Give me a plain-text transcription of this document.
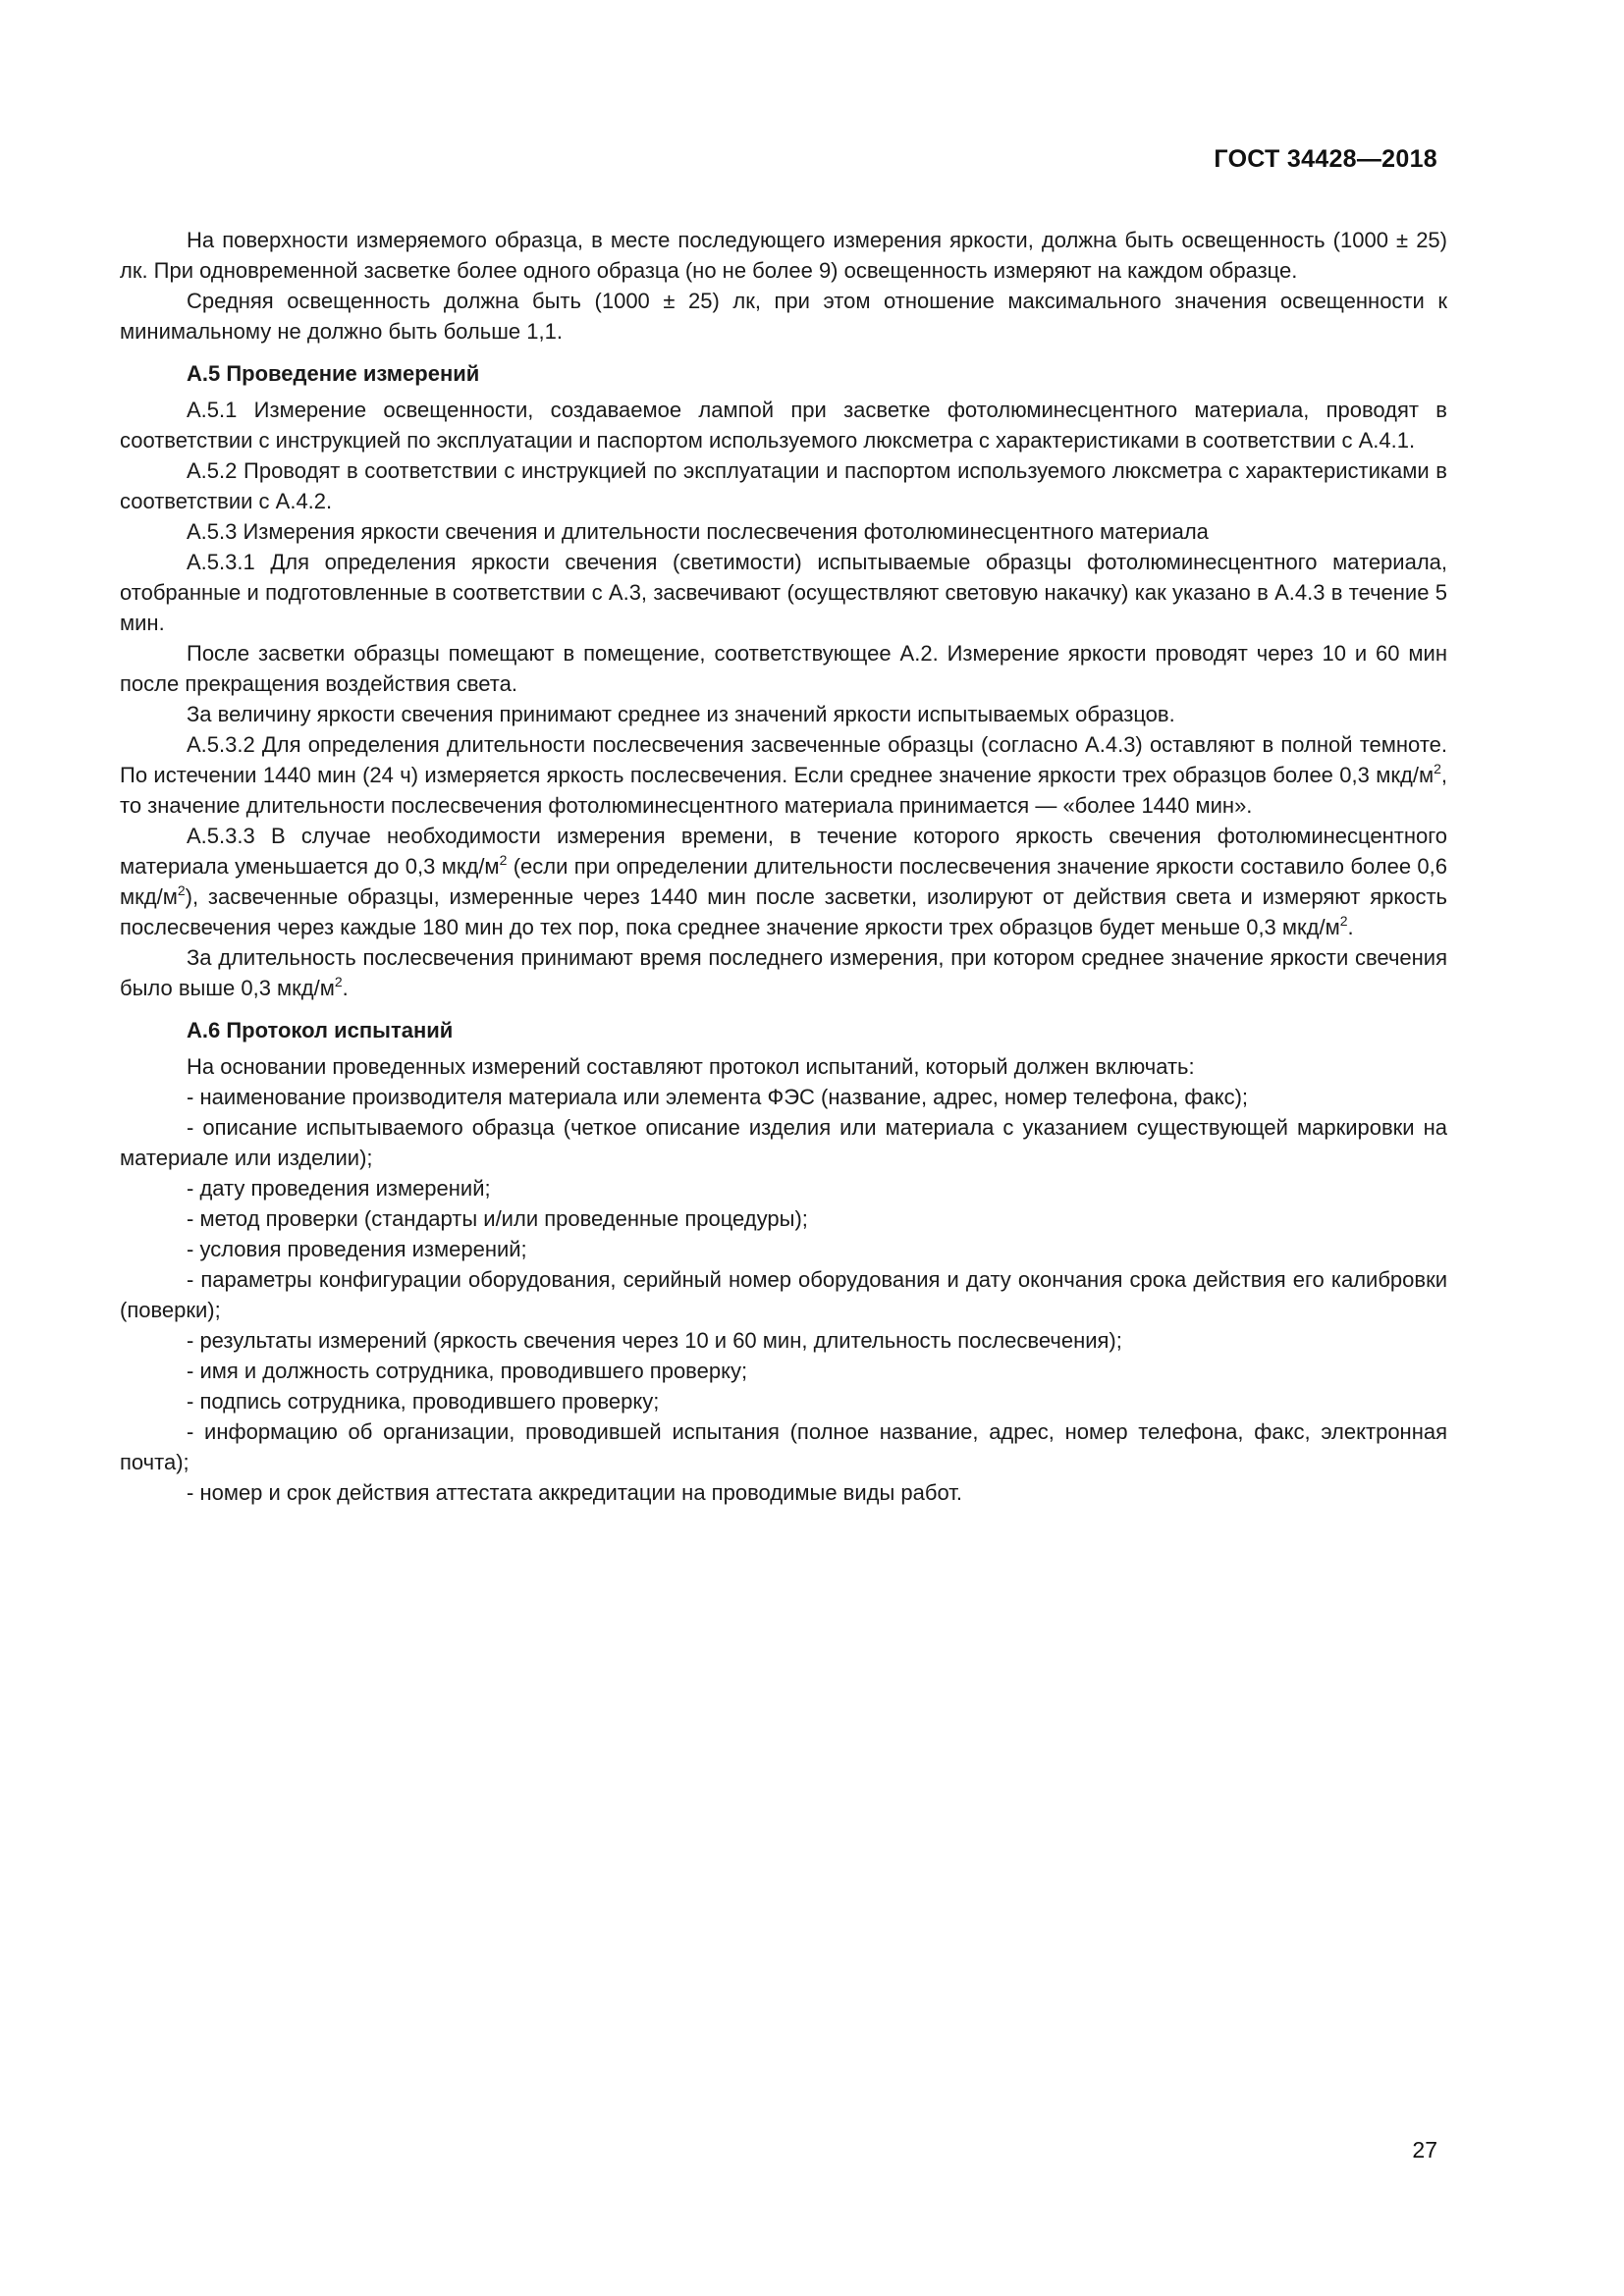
ГОСТ 34428—2018

На поверхности измеряемого образца, в месте последующего измерения яркости, должна быть освещенность (1000 ± 25) лк. При одновременной засветке более одного образца (но не более 9) освещенность измеряют на каждом образце.

Средняя освещенность должна быть (1000 ± 25) лк, при этом отношение максимального значения освещенности к минимальному не должно быть больше 1,1.

А.5 Проведение измерений

А.5.1 Измерение освещенности, создаваемое лампой при засветке фотолюминесцентного материала, проводят в соответствии с инструкцией по эксплуатации и паспортом используемого люксметра с характеристиками в соответствии с А.4.1.

А.5.2 Проводят в соответствии с инструкцией по эксплуатации и паспортом используемого люксметра с характеристиками в соответствии с А.4.2.

А.5.3 Измерения яркости свечения и длительности послесвечения фотолюминесцентного материала

А.5.3.1 Для определения яркости свечения (светимости) испытываемые образцы фотолюминесцентного материала, отобранные и подготовленные в соответствии с А.3, засвечивают (осуществляют световую накачку) как указано в А.4.3 в течение 5 мин.

После засветки образцы помещают в помещение, соответствующее А.2. Измерение яркости проводят через 10 и 60 мин после прекращения воздействия света.

За величину яркости свечения принимают среднее из значений яркости испытываемых образцов.

А.5.3.2 Для определения длительности послесвечения засвеченные образцы (согласно А.4.3) оставляют в полной темноте. По истечении 1440 мин (24 ч) измеряется яркость послесвечения. Если среднее значение яркости трех образцов более 0,3 мкд/$м^2$, то значение длительности послесвечения фотолюминесцентного материала принимается — «более 1440 мин».

А.5.3.3 В случае необходимости измерения времени, в течение которого яркость свечения фотолюминесцентного материала уменьшается до 0,3 мкд/$м^2$ (если при определении длительности послесвечения значение яркости составило более 0,6 мкд/$м^2$), засвеченные образцы, измеренные через 1440 мин после засветки, изолируют от действия света и измеряют яркость послесвечения через каждые 180 мин до тех пор, пока среднее значение яркости трех образцов будет меньше 0,3 мкд/$м^2$.

За длительность послесвечения принимают время последнего измерения, при котором среднее значение яркости свечения было выше 0,3 мкд/$м^2$.

А.6 Протокол испытаний

На основании проведенных измерений составляют протокол испытаний, который должен включать:

- наименование производителя материала или элемента ФЭС (название, адрес, номер телефона, факс);

- описание испытываемого образца (четкое описание изделия или материала с указанием существующей маркировки на материале или изделии);

- дату проведения измерений;

- метод проверки (стандарты и/или проведенные процедуры);

- условия проведения измерений;

- параметры конфигурации оборудования, серийный номер оборудования и дату окончания срока действия его калибровки (поверки);

- результаты измерений (яркость свечения через 10 и 60 мин, длительность послесвечения);

- имя и должность сотрудника, проводившего проверку;

- подпись сотрудника, проводившего проверку;

- информацию об организации, проводившей испытания (полное название, адрес, номер телефона, факс, электронная почта);

- номер и срок действия аттестата аккредитации на проводимые виды работ.

27
